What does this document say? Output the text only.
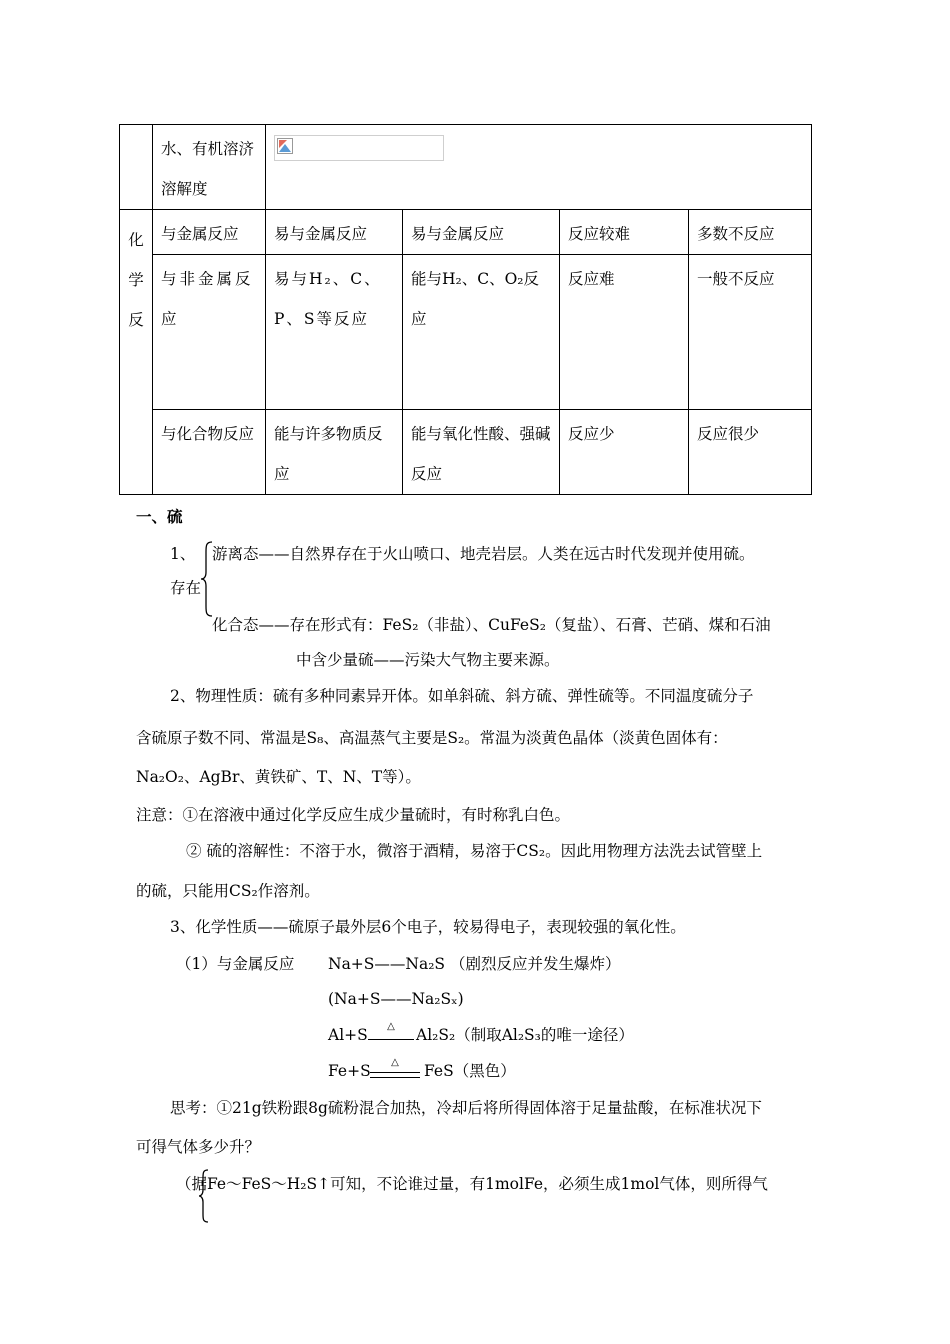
	水、有机溶济溶解度	

化学反	与金属反应	易与金属反应	易与金属反应	反应较难	多数不反应
	与非金属反应	易与H₂、C、P、S等反应	能与H₂、C、O₂反应	反应难	一般不反应
	与化合物反应	能与许多物质反应	能与氧化性酸、强碱反应	反应少	反应很少
一、硫
1、
存在
游离态——自然界存在于火山喷口、地壳岩层。人类在远古时代发现并使用硫。
化合态——存在形式有：FeS₂（非盐）、CuFeS₂（复盐）、石膏、芒硝、煤和石油
中含少量硫——污染大气物主要来源。
2、物理性质：硫有多种同素异开体。如单斜硫、斜方硫、弹性硫等。不同温度硫分子
含硫原子数不同、常温是S₈、高温蒸气主要是S₂。常温为淡黄色晶体（淡黄色固体有：
Na₂O₂、AgBr、黄铁矿、T、N、T等）。
注意：①在溶液中通过化学反应生成少量硫时，有时称乳白色。
② 硫的溶解性：不溶于水，微溶于酒精，易溶于CS₂。因此用物理方法洗去试管壁上
的硫，只能用CS₂作溶剂。
3、化学性质——硫原子最外层6个电子，较易得电子，表现较强的氧化性。
（1）与金属反应 Na+S——Na₂S （剧烈反应并发生爆炸）
(Na+S——Na₂Sₓ)
Al+S	△	Al₂S₂（制取Al₂S₃的唯一途径）
Fe+S	△	FeS（黑色）
思考：①21g铁粉跟8g硫粉混合加热，冷却后将所得固体溶于足量盐酸，在标准状况下
可得气体多少升？
（据Fe～FeS～H₂S↑可知，不论谁过量，有1molFe，必须生成1mol气体，则所得气
